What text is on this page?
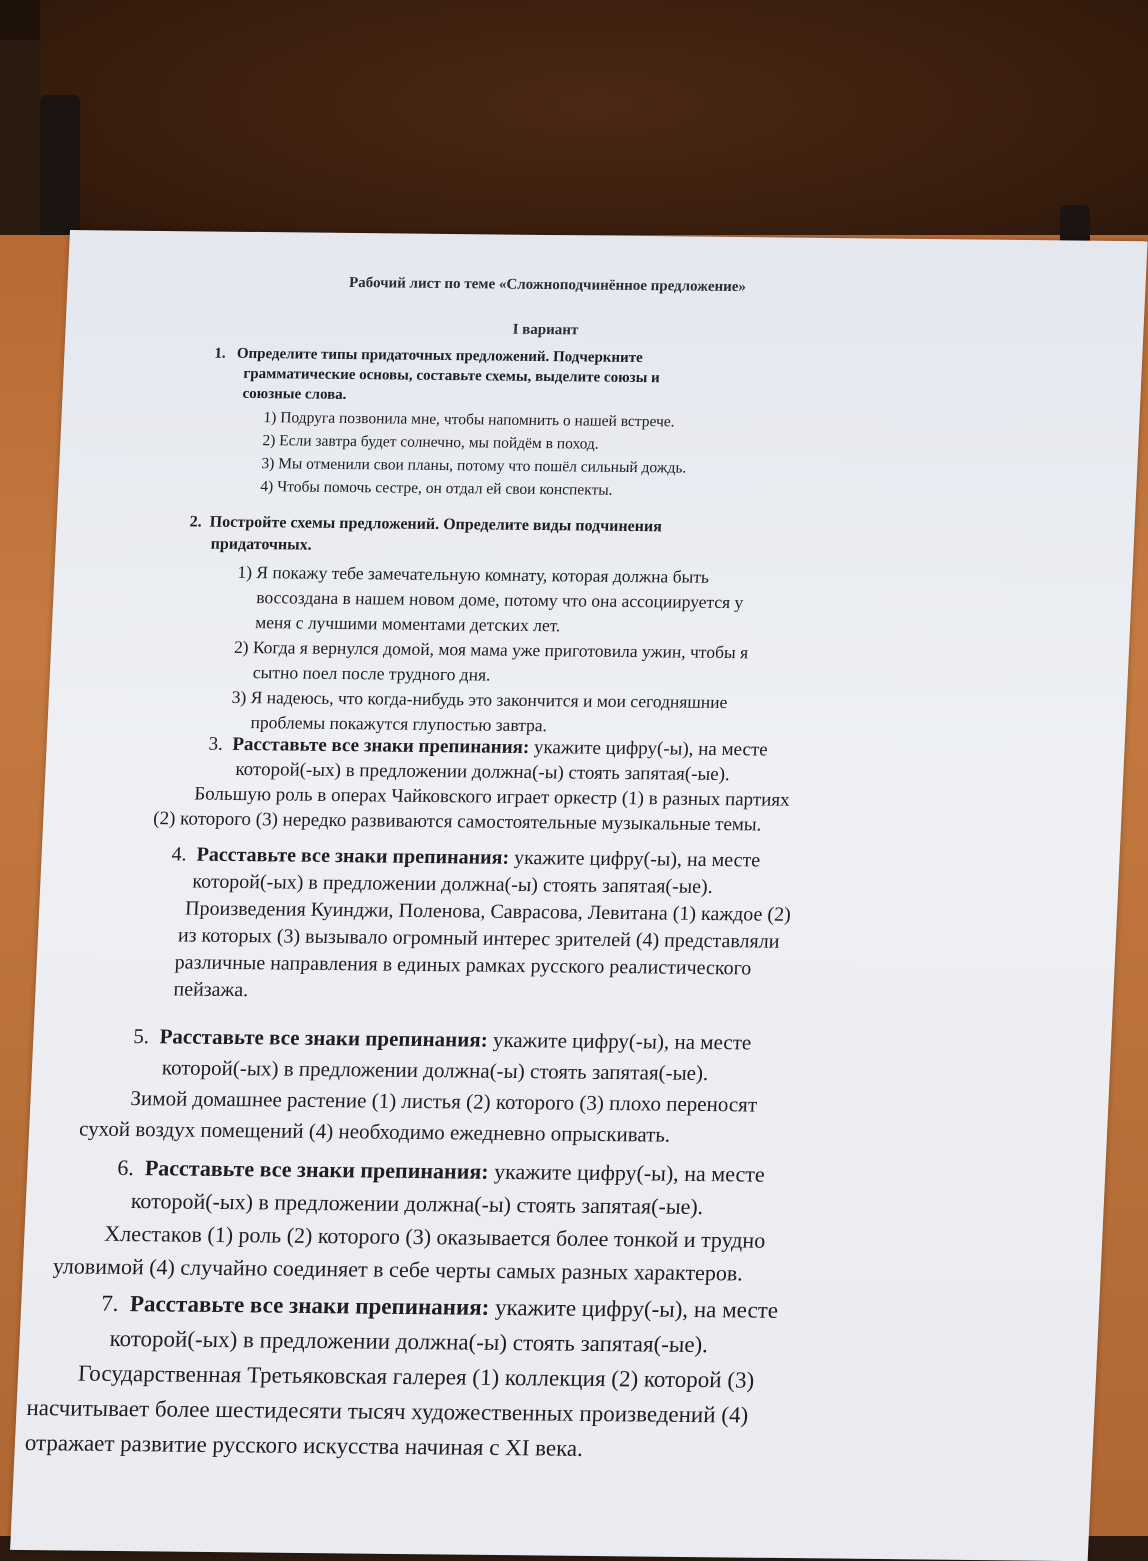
Рабочий лист по теме «Сложноподчинённое предложение»
I вариант
1. Определите типы придаточных предложений. Подчеркните
грамматические основы, составьте схемы, выделите союзы и
союзные слова.
1) Подруга позвонила мне, чтобы напомнить о нашей встрече.
2) Если завтра будет солнечно, мы пойдём в поход.
3) Мы отменили свои планы, потому что пошёл сильный дождь.
4) Чтобы помочь сестре, он отдал ей свои конспекты.
2. Постройте схемы предложений. Определите виды подчинения
придаточных.
1) Я покажу тебе замечательную комнату, которая должна быть
воссоздана в нашем новом доме, потому что она ассоциируется у
меня с лучшими моментами детских лет.
2) Когда я вернулся домой, моя мама уже приготовила ужин, чтобы я
сытно поел после трудного дня.
3) Я надеюсь, что когда-нибудь это закончится и мои сегодняшние
проблемы покажутся глупостью завтра.
3. Расставьте все знаки препинания: укажите цифру(-ы), на месте
которой(-ых) в предложении должна(-ы) стоять запятая(-ые).
Большую роль в операх Чайковского играет оркестр (1) в разных партиях
(2) которого (3) нередко развиваются самостоятельные музыкальные темы.
4. Расставьте все знаки препинания: укажите цифру(-ы), на месте
которой(-ых) в предложении должна(-ы) стоять запятая(-ые).
Произведения Куинджи, Поленова, Саврасова, Левитана (1) каждое (2)
из которых (3) вызывало огромный интерес зрителей (4) представляли
различные направления в единых рамках русского реалистического
пейзажа.
5. Расставьте все знаки препинания: укажите цифру(-ы), на месте
которой(-ых) в предложении должна(-ы) стоять запятая(-ые).
Зимой домашнее растение (1) листья (2) которого (3) плохо переносят
сухой воздух помещений (4) необходимо ежедневно опрыскивать.
6. Расставьте все знаки препинания: укажите цифру(-ы), на месте
которой(-ых) в предложении должна(-ы) стоять запятая(-ые).
Хлестаков (1) роль (2) которого (3) оказывается более тонкой и трудно
уловимой (4) случайно соединяет в себе черты самых разных характеров.
7. Расставьте все знаки препинания: укажите цифру(-ы), на месте
которой(-ых) в предложении должна(-ы) стоять запятая(-ые).
Государственная Третьяковская галерея (1) коллекция (2) которой (3)
насчитывает более шестидесяти тысяч художественных произведений (4)
отражает развитие русского искусства начиная с XI века.
